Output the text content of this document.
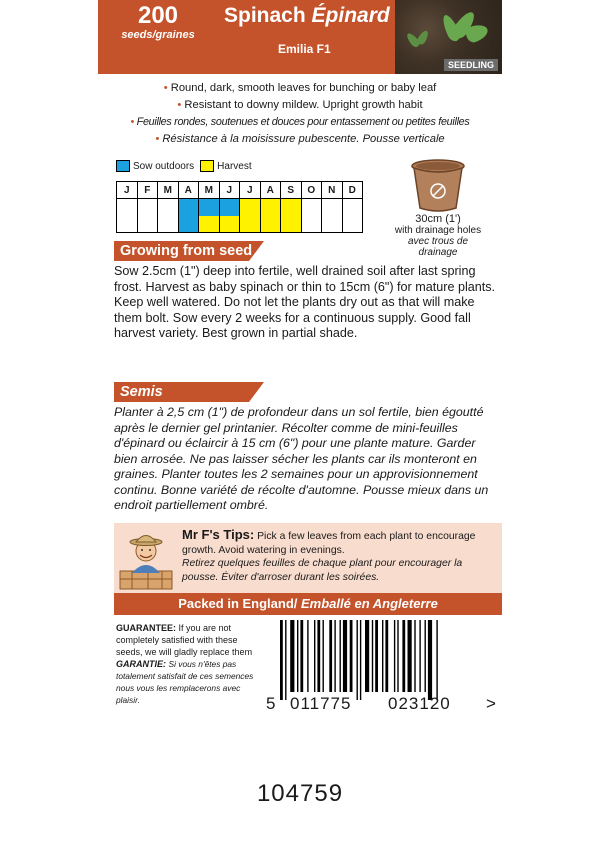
200
seeds/graines
Spinach Épinard
Emilia F1
SEEDLING
• Round, dark, smooth leaves for bunching or baby leaf
• Resistant to downy mildew. Upright growth habit
• Feuilles rondes, soutenues et douces pour entassement ou petites feuilles
• Résistance à la moisissure pubescente. Pousse verticale
Sow outdoors Harvest
J	F	M	A	M	J	J	A	S	O	N	D

30cm (1')
with drainage holes
avec trous de drainage
Growing from seed
Sow 2.5cm (1") deep into fertile, well drained soil after last spring frost. Harvest as baby spinach or thin to 15cm (6") for mature plants. Keep well watered. Do not let the plants dry out as that will make them bolt. Sow every 2 weeks for a continuous supply. Good fall harvest variety. Best grown in partial shade.
Semis
Planter à 2,5 cm (1") de profondeur dans un sol fertile, bien égoutté après le dernier gel printanier. Récolter comme de mini-feuilles d'épinard ou éclaircir à 15 cm (6") pour une plante mature. Garder bien arrosée. Ne pas laisser sécher les plants car ils monteront en graines. Planter toutes les 2 semaines pour un approvisionnement continu. Bonne variété de récolte d'automne. Pousse mieux dans un endroit partiellement ombré.
Mr F's Tips: Pick a few leaves from each plant to encourage growth. Avoid watering in evenings.
Retirez quelques feuilles de chaque plant pour encourager la pousse. Éviter d'arroser durant les soirées.
Packed in England/ Emballé en Angleterre
GUARANTEE: If you are not completely satisfied with these seeds, we will gladly replace them GARANTIE: Si vous n'êtes pas totalement satisfait de ces semences nous vous les remplacerons avec plaisir.	5 011775 023120 >
104759
